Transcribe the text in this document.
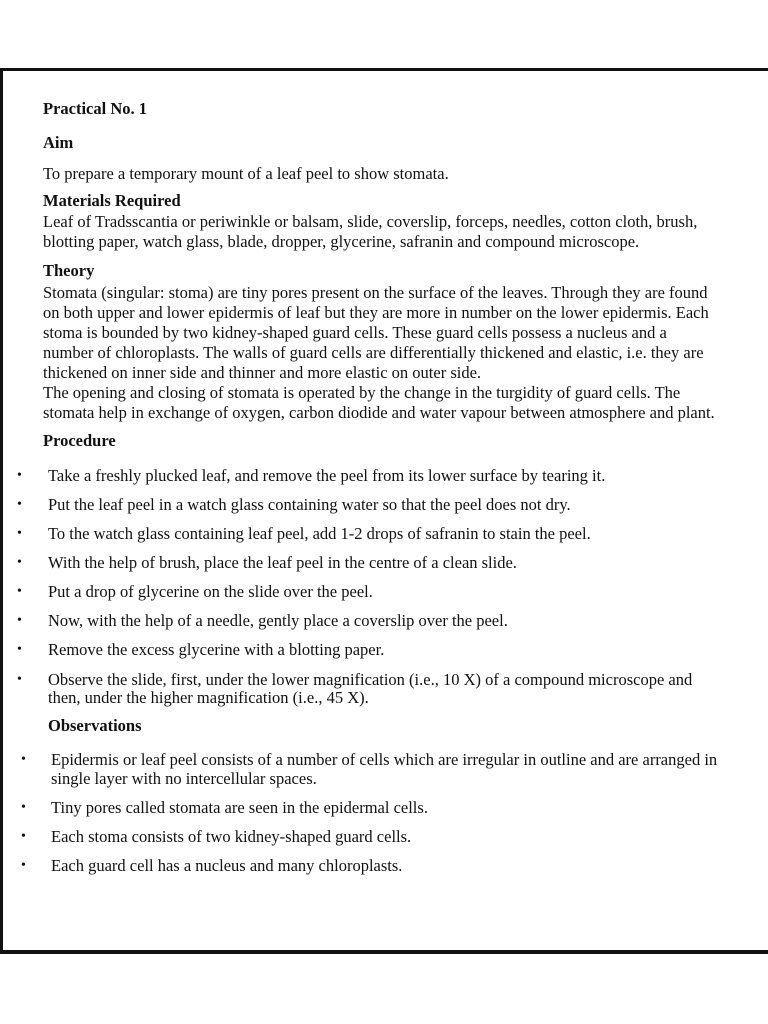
Practical No. 1
Aim
To prepare a temporary mount of a leaf peel to show stomata.
Materials Required
Leaf of Tradsscantia or periwinkle or balsam, slide, coverslip, forceps, needles, cotton cloth, brush,
blotting paper, watch glass, blade, dropper, glycerine, safranin and compound microscope.
Theory
Stomata (singular: stoma) are tiny pores present on the surface of the leaves. Through they are found
on both upper and lower epidermis of leaf but they are more in number on the lower epidermis. Each
stoma is bounded by two kidney-shaped guard cells. These guard cells possess a nucleus and a
number of chloroplasts. The walls of guard cells are differentially thickened and elastic, i.e. they are
thickened on inner side and thinner and more elastic on outer side.
The opening and closing of stomata is operated by the change in the turgidity of guard cells. The
stomata help in exchange of oxygen, carbon diodide and water vapour between atmosphere and plant.
Procedure
• Take a freshly plucked leaf, and remove the peel from its lower surface by tearing it.
• Put the leaf peel in a watch glass containing water so that the peel does not dry.
• To the watch glass containing leaf peel, add 1-2 drops of safranin to stain the peel.
• With the help of brush, place the leaf peel in the centre of a clean slide.
• Put a drop of glycerine on the slide over the peel.
• Now, with the help of a needle, gently place a coverslip over the peel.
• Remove the excess glycerine with a blotting paper.
• Observe the slide, first, under the lower magnification (i.e., 10 X) of a compound microscope and
then, under the higher magnification (i.e., 45 X).
Observations
• Epidermis or leaf peel consists of a number of cells which are irregular in outline and are arranged in
single layer with no intercellular spaces.
• Tiny pores called stomata are seen in the epidermal cells.
• Each stoma consists of two kidney-shaped guard cells.
• Each guard cell has a nucleus and many chloroplasts.
